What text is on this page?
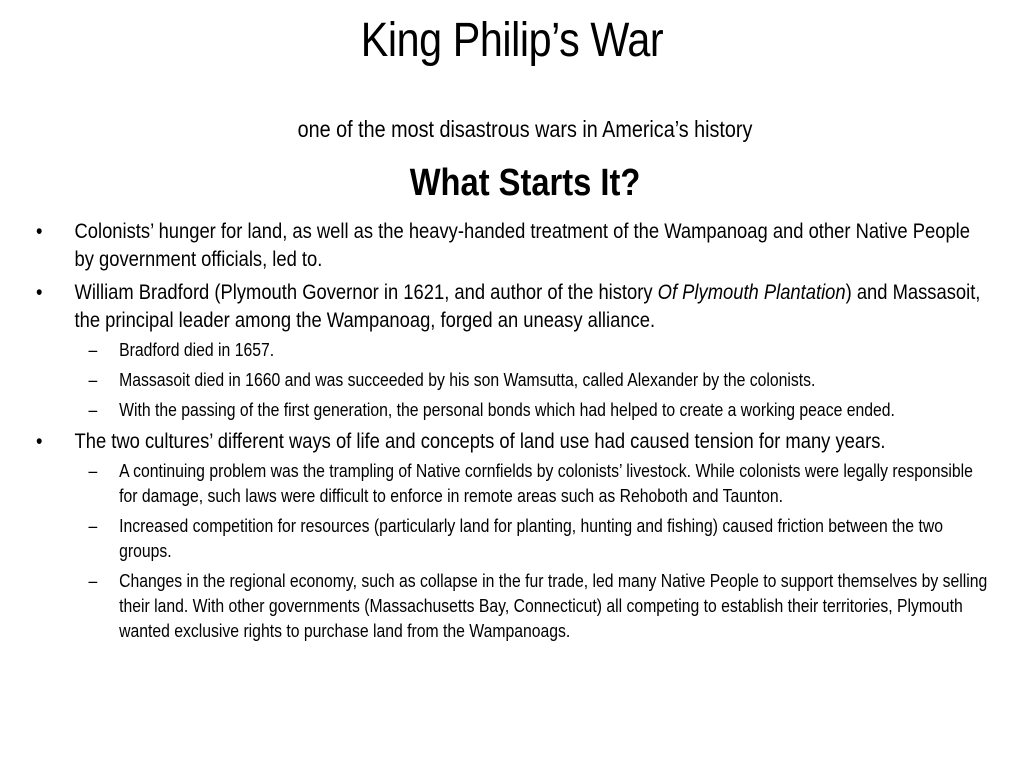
King Philip’s War
one of the most disastrous wars in America’s history
What Starts It?
• Colonists’ hunger for land, as well as the heavy-handed treatment of the Wampanoag and other Native People by government officials, led to.
• William Bradford (Plymouth Governor in 1621, and author of the history Of Plymouth Plantation) and Massasoit, the principal leader among the Wampanoag, forged an uneasy alliance.
– Bradford died in 1657.
– Massasoit died in 1660 and was succeeded by his son Wamsutta, called Alexander by the colonists.
– With the passing of the first generation, the personal bonds which had helped to create a working peace ended.
• The two cultures’ different ways of life and concepts of land use had caused tension for many years.
– A continuing problem was the trampling of Native cornfields by colonists’ livestock. While colonists were legally responsible for damage, such laws were difficult to enforce in remote areas such as Rehoboth and Taunton.
– Increased competition for resources (particularly land for planting, hunting and fishing) caused friction between the two groups.
– Changes in the regional economy, such as collapse in the fur trade, led many Native People to support themselves by selling their land. With other governments (Massachusetts Bay, Connecticut) all competing to establish their territories, Plymouth wanted exclusive rights to purchase land from the Wampanoags.
